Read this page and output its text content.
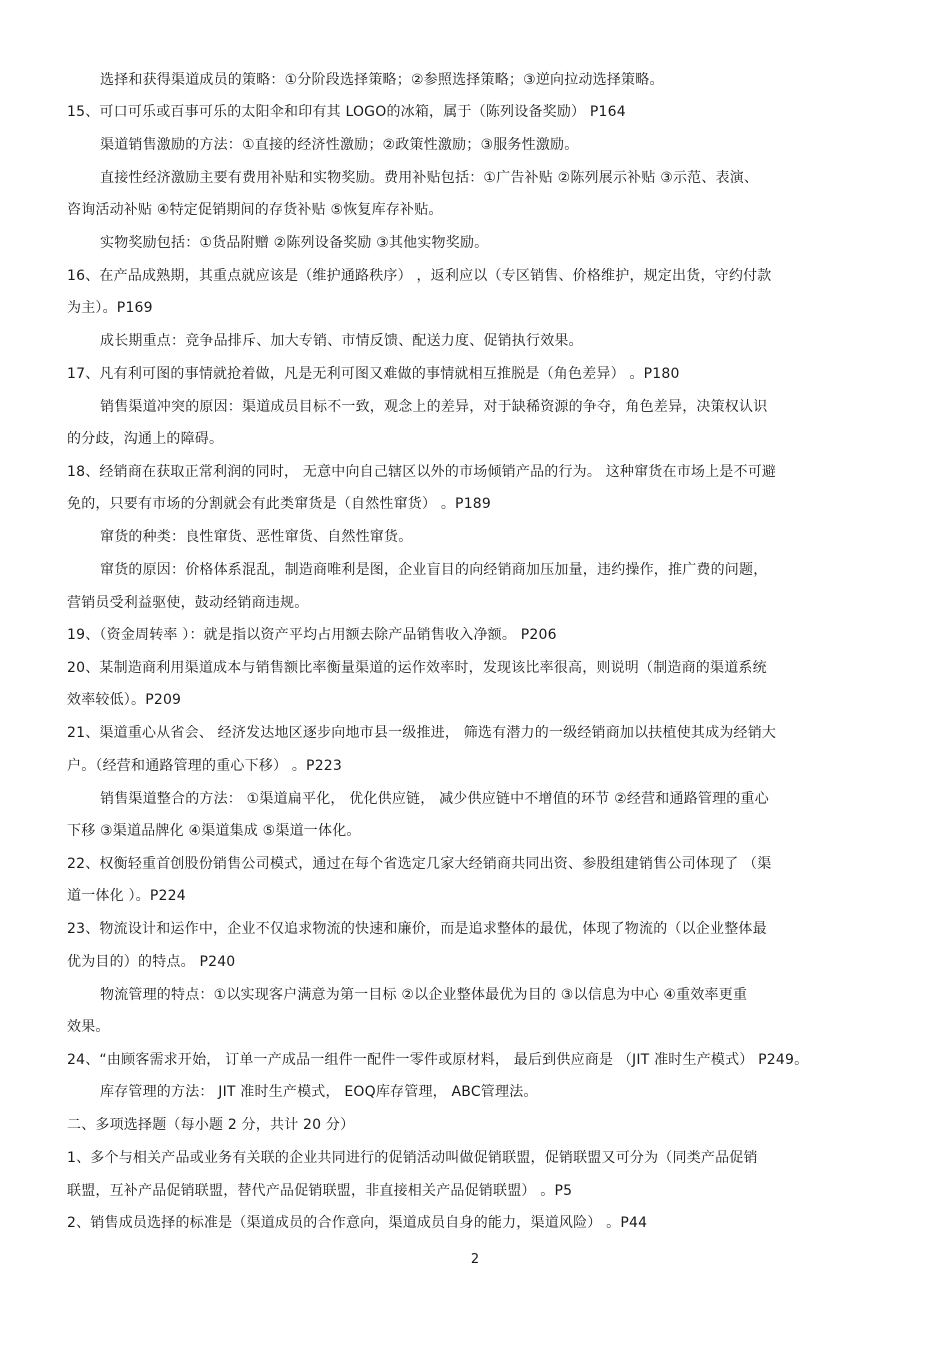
选择和获得渠道成员的策略：①分阶段选择策略；②参照选择策略；③逆向拉动选择策略。
15、可口可乐或百事可乐的太阳伞和印有其 LOGO的冰箱，属于（陈列设备奖励） P164
渠道销售激励的方法：①直接的经济性激励；②政策性激励；③服务性激励。
直接性经济激励主要有费用补贴和实物奖励。费用补贴包括：①广告补贴 ②陈列展示补贴 ③示范、表演、
咨询活动补贴 ④特定促销期间的存货补贴 ⑤恢复库存补贴。
实物奖励包括：①货品附赠 ②陈列设备奖励 ③其他实物奖励。
16、在产品成熟期，其重点就应该是（维护通路秩序） ，返利应以（专区销售、价格维护，规定出货，守约付款
为主）。P169
成长期重点：竞争品排斥、加大专销、市情反馈、配送力度、促销执行效果。
17、凡有利可图的事情就抢着做，凡是无利可图又难做的事情就相互推脱是（角色差异） 。P180
销售渠道冲突的原因：渠道成员目标不一致，观念上的差异，对于缺稀资源的争夺，角色差异，决策权认识
的分歧，沟通上的障碍。
18、经销商在获取正常利润的同时， 无意中向自己辖区以外的市场倾销产品的行为。 这种窜货在市场上是不可避
免的，只要有市场的分割就会有此类窜货是（自然性窜货） 。P189
窜货的种类：良性窜货、恶性窜货、自然性窜货。
窜货的原因：价格体系混乱，制造商唯利是图，企业盲目的向经销商加压加量，违约操作，推广费的问题，
营销员受利益驱使，鼓动经销商违规。
19、（资金周转率 ）：就是指以资产平均占用额去除产品销售收入净额。 P206
20、某制造商利用渠道成本与销售额比率衡量渠道的运作效率时，发现该比率很高，则说明（制造商的渠道系统
效率较低）。P209
21、渠道重心从省会、 经济发达地区逐步向地市县一级推进， 筛选有潜力的一级经销商加以扶植使其成为经销大
户。（经营和通路管理的重心下移） 。P223
销售渠道整合的方法： ①渠道扁平化， 优化供应链， 减少供应链中不增值的环节 ②经营和通路管理的重心
下移 ③渠道品牌化 ④渠道集成 ⑤渠道一体化。
22、权衡轻重首创股份销售公司模式，通过在每个省选定几家大经销商共同出资、参股组建销售公司体现了 （渠
道一体化 ）。P224
23、物流设计和运作中，企业不仅追求物流的快速和廉价，而是追求整体的最优，体现了物流的（以企业整体最
优为目的）的特点。 P240
物流管理的特点：①以实现客户满意为第一目标 ②以企业整体最优为目的 ③以信息为中心 ④重效率更重
效果。
24、“由顾客需求开始， 订单一产成品一组件一配件一零件或原材料， 最后到供应商是 （JIT 准时生产模式） P249。
库存管理的方法： JIT 准时生产模式， EOQ库存管理， ABC管理法。
二、多项选择题（每小题 2 分，共计 20 分）
1、多个与相关产品或业务有关联的企业共同进行的促销活动叫做促销联盟，促销联盟又可分为（同类产品促销
联盟，互补产品促销联盟，替代产品促销联盟，非直接相关产品促销联盟） 。P5
2、销售成员选择的标准是（渠道成员的合作意向，渠道成员自身的能力，渠道风险） 。P44
2
